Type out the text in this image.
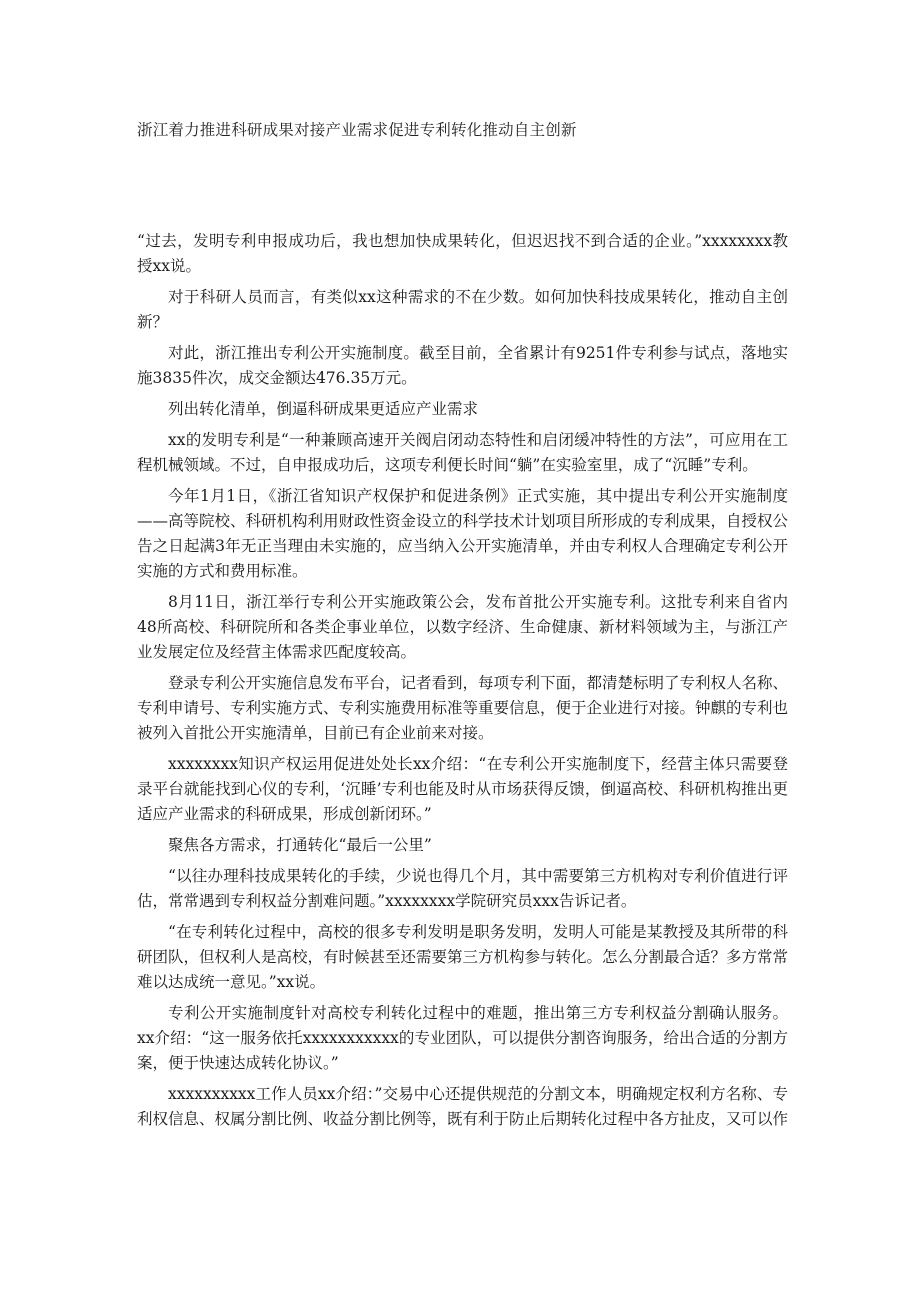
浙江着力推进科研成果对接产业需求促进专利转化推动自主创新

“过去，发明专利申报成功后，我也想加快成果转化，但迟迟找不到合适的企业。”xxxxxxxx教授xx说。

对于科研人员而言，有类似xx这种需求的不在少数。如何加快科技成果转化，推动自主创新？

对此，浙江推出专利公开实施制度。截至目前，全省累计有9251件专利参与试点，落地实施3835件次，成交金额达476.35万元。

列出转化清单，倒逼科研成果更适应产业需求

xx的发明专利是“一种兼顾高速开关阀启闭动态特性和启闭缓冲特性的方法”，可应用在工程机械领域。不过，自申报成功后，这项专利便长时间“躺”在实验室里，成了“沉睡”专利。

今年1月1日，《浙江省知识产权保护和促进条例》正式实施，其中提出专利公开实施制度——高等院校、科研机构利用财政性资金设立的科学技术计划项目所形成的专利成果，自授权公告之日起满3年无正当理由未实施的，应当纳入公开实施清单，并由专利权人合理确定专利公开实施的方式和费用标准。

8月11日，浙江举行专利公开实施政策公会，发布首批公开实施专利。这批专利来自省内48所高校、科研院所和各类企事业单位，以数字经济、生命健康、新材料领域为主，与浙江产业发展定位及经营主体需求匹配度较高。

登录专利公开实施信息发布平台，记者看到，每项专利下面，都清楚标明了专利权人名称、专利申请号、专利实施方式、专利实施费用标准等重要信息，便于企业进行对接。钟麒的专利也被列入首批公开实施清单，目前已有企业前来对接。

xxxxxxxx知识产权运用促进处处长xx介绍：“在专利公开实施制度下，经营主体只需要登录平台就能找到心仪的专利，‘沉睡’专利也能及时从市场获得反馈，倒逼高校、科研机构推出更适应产业需求的科研成果，形成创新闭环。”

聚焦各方需求，打通转化“最后一公里”

“以往办理科技成果转化的手续，少说也得几个月，其中需要第三方机构对专利价值进行评估，常常遇到专利权益分割难问题。”xxxxxxxx学院研究员xxx告诉记者。

“在专利转化过程中，高校的很多专利发明是职务发明，发明人可能是某教授及其所带的科研团队，但权利人是高校，有时候甚至还需要第三方机构参与转化。怎么分割最合适？多方常常难以达成统一意见。”xx说。

专利公开实施制度针对高校专利转化过程中的难题，推出第三方专利权益分割确认服务。xx介绍：“这一服务依托xxxxxxxxxxx的专业团队，可以提供分割咨询服务，给出合适的分割方案，便于快速达成转化协议。”

xxxxxxxxxx工作人员xx介绍：”交易中心还提供规范的分割文本，明确规定权利方名称、专利权信息、权属分割比例、收益分割比例等，既有利于防止后期转化过程中各方扯皮，又可以作
